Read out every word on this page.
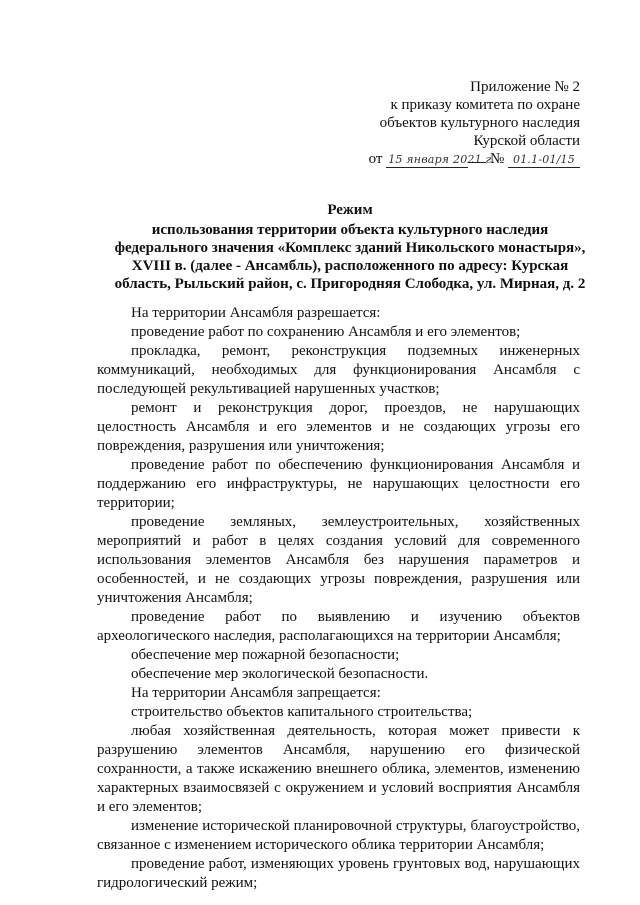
Приложение № 2
к приказу комитета по охране
объектов культурного наследия
Курской области
от 15 января 2021 г. № 01.1-01/15
Режим
использования территории объекта культурного наследия
федерального значения «Комплекс зданий Никольского монастыря»,
XVIII в. (далее - Ансамбль), расположенного по адресу: Курская
область, Рыльский район, с. Пригородняя Слободка, ул. Мирная, д. 2

На территории Ансамбля разрешается:

проведение работ по сохранению Ансамбля и его элементов;

прокладка, ремонт, реконструкция подземных инженерных коммуникаций, необходимых для функционирования Ансамбля с последующей рекультивацией нарушенных участков;

ремонт и реконструкция дорог, проездов, не нарушающих целостность Ансамбля и его элементов и не создающих угрозы его повреждения, разрушения или уничтожения;

проведение работ по обеспечению функционирования Ансамбля и поддержанию его инфраструктуры, не нарушающих целостности его территории;

проведение земляных, землеустроительных, хозяйственных мероприятий и работ в целях создания условий для современного использования элементов Ансамбля без нарушения параметров и особенностей, и не создающих угрозы повреждения, разрушения или уничтожения Ансамбля;

проведение работ по выявлению и изучению объектов археологического наследия, располагающихся на территории Ансамбля;

обеспечение мер пожарной безопасности;

обеспечение мер экологической безопасности.

На территории Ансамбля запрещается:

строительство объектов капитального строительства;

любая хозяйственная деятельность, которая может привести к разрушению элементов Ансамбля, нарушению его физической сохранности, а также искажению внешнего облика, элементов, изменению характерных взаимосвязей с окружением и условий восприятия Ансамбля и его элементов;

изменение исторической планировочной структуры, благоустройство, связанное с изменением исторического облика территории Ансамбля;

проведение работ, изменяющих уровень грунтовых вод, нарушающих гидрологический режим;
